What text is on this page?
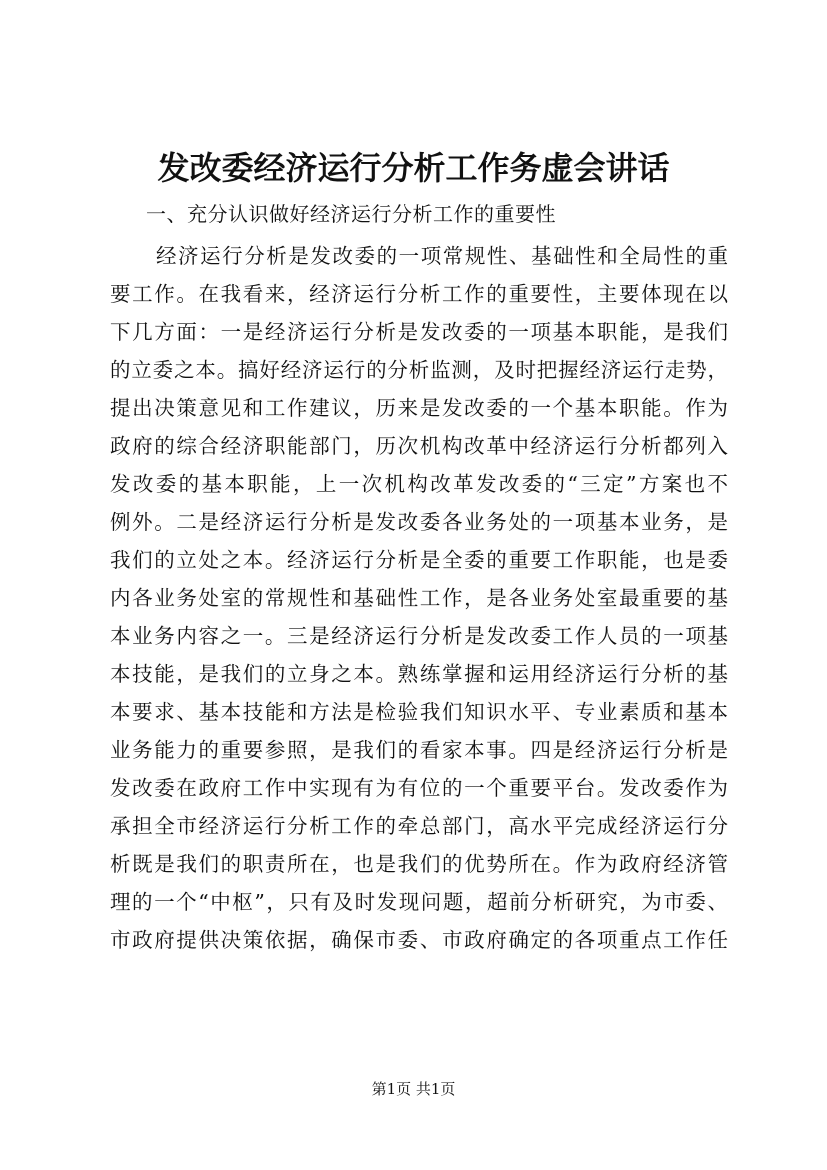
发改委经济运行分析工作务虚会讲话
一、充分认识做好经济运行分析工作的重要性
经济运行分析是发改委的一项常规性、基础性和全局性的重
要工作。在我看来，经济运行分析工作的重要性，主要体现在以
下几方面：一是经济运行分析是发改委的一项基本职能，是我们
的立委之本。搞好经济运行的分析监测，及时把握经济运行走势，
提出决策意见和工作建议，历来是发改委的一个基本职能。作为
政府的综合经济职能部门，历次机构改革中经济运行分析都列入
发改委的基本职能，上一次机构改革发改委的“三定”方案也不
例外。二是经济运行分析是发改委各业务处的一项基本业务，是
我们的立处之本。经济运行分析是全委的重要工作职能，也是委
内各业务处室的常规性和基础性工作，是各业务处室最重要的基
本业务内容之一。三是经济运行分析是发改委工作人员的一项基
本技能，是我们的立身之本。熟练掌握和运用经济运行分析的基
本要求、基本技能和方法是检验我们知识水平、专业素质和基本
业务能力的重要参照，是我们的看家本事。四是经济运行分析是
发改委在政府工作中实现有为有位的一个重要平台。发改委作为
承担全市经济运行分析工作的牵总部门，高水平完成经济运行分
析既是我们的职责所在，也是我们的优势所在。作为政府经济管
理的一个“中枢”，只有及时发现问题，超前分析研究，为市委、
市政府提供决策依据，确保市委、市政府确定的各项重点工作任
第1页 共1页
